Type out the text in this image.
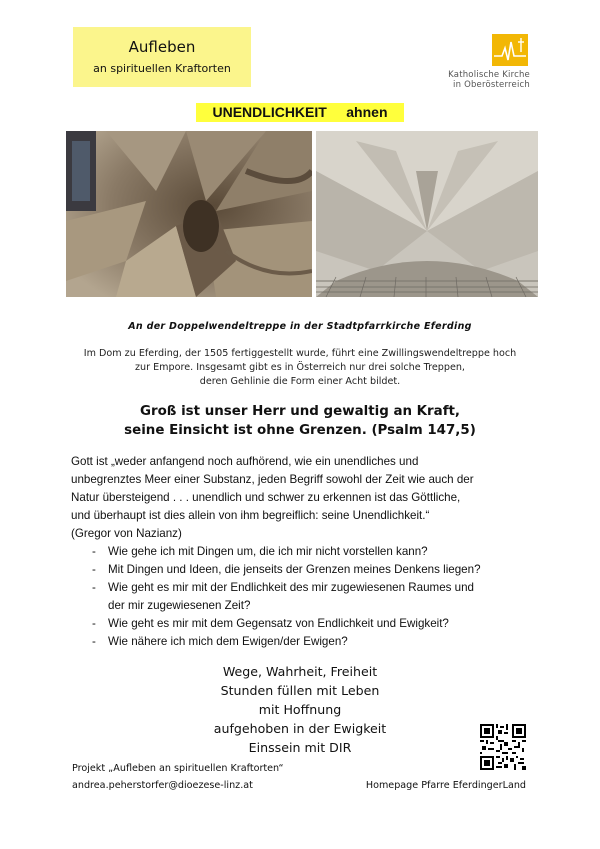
Aufleben
an spirituellen Kraftorten	Katholische Kirche
in Oberösterreich
UNENDLICHKEIT     ahnen
An der Doppelwendeltreppe in der Stadtpfarrkirche Eferding
Im Dom zu Eferding, der 1505 fertiggestellt wurde, führt eine Zwillingswendeltreppe hoch
zur Empore. Insgesamt gibt es in Österreich nur drei solche Treppen,
deren Gehlinie die Form einer Acht bildet.
Groß ist unser Herr und gewaltig an Kraft,
seine Einsicht ist ohne Grenzen. (Psalm 147,5)
Gott ist „weder anfangend noch aufhörend, wie ein unendliches und
unbegrenztes Meer einer Substanz, jeden Begriff sowohl der Zeit wie auch der
Natur übersteigend . . . unendlich und schwer zu erkennen ist das Göttliche,
und überhaupt ist dies allein von ihm begreiflich: seine Unendlichkeit.“
(Gregor von Nazianz)
- Wie gehe ich mit Dingen um, die ich mir nicht vorstellen kann?
- Mit Dingen und Ideen, die jenseits der Grenzen meines Denkens liegen?
- Wie geht es mir mit der Endlichkeit des mir zugewiesenen Raumes und
der mir zugewiesenen Zeit?
- Wie geht es mir mit dem Gegensatz von Endlichkeit und Ewigkeit?
- Wie nähere ich mich dem Ewigen/der Ewigen?
Wege, Wahrheit, Freiheit
Stunden füllen mit Leben
mit Hoffnung
aufgehoben in der Ewigkeit
Einssein mit DIR
Projekt „Aufleben an spirituellen Kraftorten“
andrea.peherstorfer@dioezese-linz.at	Homepage Pfarre EferdingerLand
